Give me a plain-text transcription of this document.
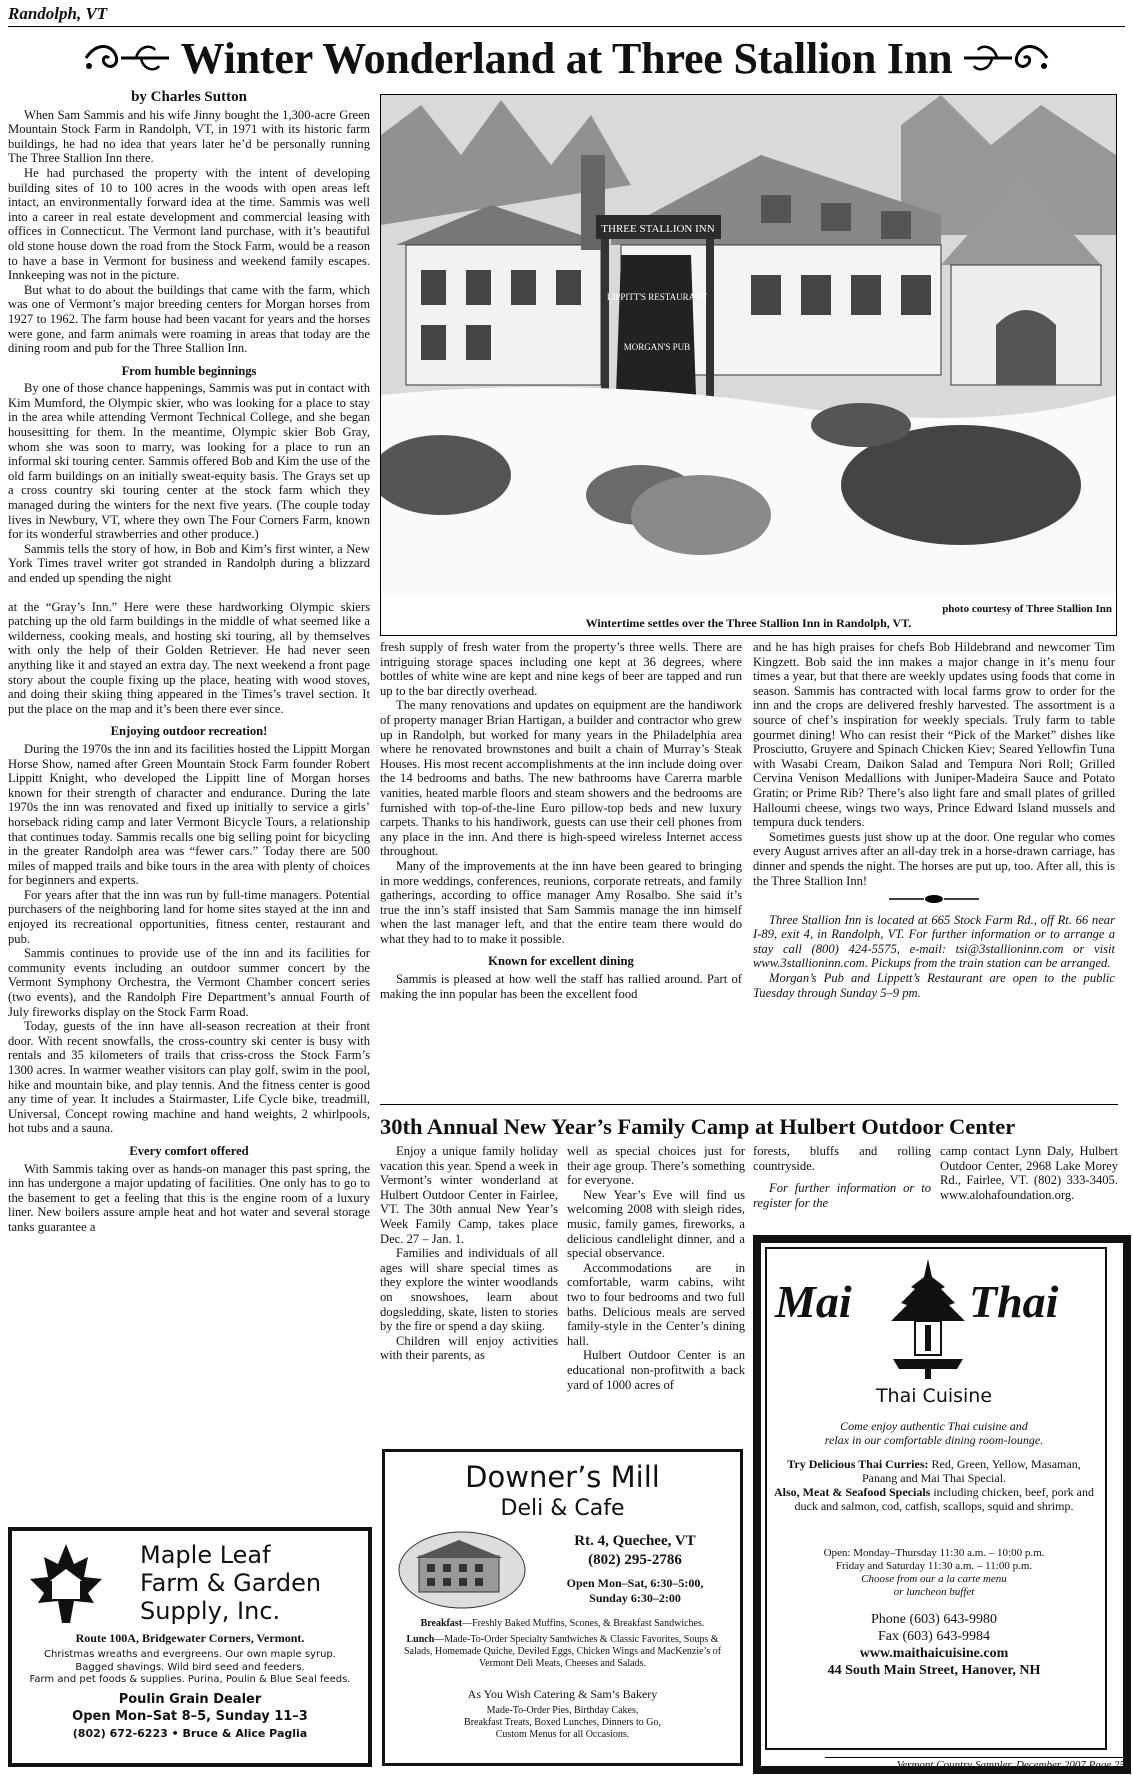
Randolph, VT
Winter Wonderland at Three Stallion Inn

by Charles Sutton

When Sam Sammis and his wife Jinny bought the 1,300-acre Green Mountain Stock Farm in Randolph, VT, in 1971 with its historic farm buildings, he had no idea that years later he’d be personally running The Three Stallion Inn there.

He had purchased the property with the intent of developing building sites of 10 to 100 acres in the woods with open areas left intact, an environmentally forward idea at the time. Sammis was well into a career in real estate development and commercial leasing with offices in Connecticut. The Vermont land purchase, with it’s beautiful old stone house down the road from the Stock Farm, would be a reason to have a base in Vermont for business and weekend family escapes. Innkeeping was not in the picture.

But what to do about the buildings that came with the farm, which was one of Vermont’s major breeding centers for Morgan horses from 1927 to 1962. The farm house had been vacant for years and the horses were gone, and farm animals were roaming in areas that today are the dining room and pub for the Three Stallion Inn.

From humble beginnings

By one of those chance happenings, Sammis was put in contact with Kim Mumford, the Olympic skier, who was looking for a place to stay in the area while attending Vermont Technical College, and she began housesitting for them. In the meantime, Olympic skier Bob Gray, whom she was soon to marry, was looking for a place to run an informal ski touring center. Sammis offered Bob and Kim the use of the old farm buildings on an initially sweat-equity basis. The Grays set up a cross country ski touring center at the stock farm which they managed during the winters for the next five years. (The couple today lives in Newbury, VT, where they own The Four Corners Farm, known for its wonderful strawberries and other produce.)

Sammis tells the story of how, in Bob and Kim’s first winter, a New York Times travel writer got stranded in Randolph during a blizzard and ended up spending the night

at the “Gray’s Inn.” Here were these hardworking Olympic skiers patching up the old farm buildings in the middle of what seemed like a wilderness, cooking meals, and hosting ski touring, all by themselves with only the help of their Golden Retriever. He had never seen anything like it and stayed an extra day. The next weekend a front page story about the couple fixing up the place, heating with wood stoves, and doing their skiing thing appeared in the Times’s travel section. It put the place on the map and it’s been there ever since.

Enjoying outdoor recreation!

During the 1970s the inn and its facilities hosted the Lippitt Morgan Horse Show, named after Green Mountain Stock Farm founder Robert Lippitt Knight, who developed the Lippitt line of Morgan horses known for their strength of character and endurance. During the late 1970s the inn was renovated and fixed up initially to service a girls’ horseback riding camp and later Vermont Bicycle Tours, a relationship that continues today. Sammis recalls one big selling point for bicycling in the greater Randolph area was “fewer cars.” Today there are 500 miles of mapped trails and bike tours in the area with plenty of choices for beginners and experts.

For years after that the inn was run by full-time managers. Potential purchasers of the neighboring land for home sites stayed at the inn and enjoyed its recreational opportunities, fitness center, restaurant and pub.

Sammis continues to provide use of the inn and its facilities for community events including an outdoor summer concert by the Vermont Symphony Orchestra, the Vermont Chamber concert series (two events), and the Randolph Fire Department’s annual Fourth of July fireworks display on the Stock Farm Road.

Today, guests of the inn have all-season recreation at their front door. With recent snowfalls, the cross-country ski center is busy with rentals and 35 kilometers of trails that criss-cross the Stock Farm’s 1300 acres. In warmer weather visitors can play golf, swim in the pool, hike and mountain bike, and play tennis. And the fitness center is good any time of year. It includes a Stairmaster, Life Cycle bike, treadmill, Universal, Concept rowing machine and hand weights, 2 whirlpools, hot tubs and a sauna.

Every comfort offered

With Sammis taking over as hands-on manager this past spring, the inn has undergone a major updating of facilities. One only has to go to the basement to get a feeling that this is the engine room of a luxury liner. New boilers assure ample heat and hot water and several storage tanks guarantee a

THREE STALLION INN
LIPPITT'S RESTAURANT
MORGAN'S PUB
photo courtesy of Three Stallion Inn
Wintertime settles over the Three Stallion Inn in Randolph, VT.

fresh supply of fresh water from the property’s three wells. There are intriguing storage spaces including one kept at 36 degrees, where bottles of white wine are kept and nine kegs of beer are tapped and run up to the bar directly overhead.

The many renovations and updates on equipment are the handiwork of property manager Brian Hartigan, a builder and contractor who grew up in Randolph, but worked for many years in the Philadelphia area where he renovated brownstones and built a chain of Murray’s Steak Houses. His most recent accomplishments at the inn include doing over the 14 bedrooms and baths. The new bathrooms have Carerra marble vanities, heated marble floors and steam showers and the bedrooms are furnished with top-of-the-line Euro pillow-top beds and new luxury carpets. Thanks to his handiwork, guests can use their cell phones from any place in the inn. And there is high-speed wireless Internet access throughout.

Many of the improvements at the inn have been geared to bringing in more weddings, conferences, reunions, corporate retreats, and family gatherings, according to office manager Amy Rosalbo. She said it’s true the inn’s staff insisted that Sam Sammis manage the inn himself when the last manager left, and that the entire team there would do what they had to to make it possible.

Known for excellent dining

Sammis is pleased at how well the staff has rallied around. Part of making the inn popular has been the excellent food

and he has high praises for chefs Bob Hildebrand and newcomer Tim Kingzett. Bob said the inn makes a major change in it’s menu four times a year, but that there are weekly updates using foods that come in season. Sammis has contracted with local farms grow to order for the inn and the crops are delivered freshly harvested. The assortment is a source of chef’s inspiration for weekly specials. Truly farm to table gourmet dining! Who can resist their “Pick of the Market” dishes like Prosciutto, Gruyere and Spinach Chicken Kiev; Seared Yellowfin Tuna with Wasabi Cream, Daikon Salad and Tempura Nori Roll; Grilled Cervina Venison Medallions with Juniper-Madeira Sauce and Potato Gratin; or Prime Rib? There’s also light fare and small plates of grilled Halloumi cheese, wings two ways, Prince Edward Island mussels and tempura duck tenders.

Sometimes guests just show up at the door. One regular who comes every August arrives after an all-day trek in a horse-drawn carriage, has dinner and spends the night. The horses are put up, too. After all, this is the Three Stallion Inn!

Three Stallion Inn is located at 665 Stock Farm Rd., off Rt. 66 near I-89, exit 4, in Randolph, VT. For further information or to arrange a stay call (800) 424-5575, e-mail: tsi@3stallioninn.com or visit www.3stallioninn.com. Pickups from the train station can be arranged.

Morgan’s Pub and Lippett’s Restaurant are open to the public Tuesday through Sunday 5–9 pm.

30th Annual New Year’s Family Camp at Hulbert Outdoor Center

Enjoy a unique family holiday vacation this year. Spend a week in Vermont’s winter wonderland at Hulbert Outdoor Center in Fairlee, VT. The 30th annual New Year’s Week Family Camp, takes place Dec. 27 – Jan. 1.

Families and individuals of all ages will share special times as they explore the winter woodlands on snowshoes, learn about dogsledding, skate, listen to stories by the fire or spend a day skiing.

Children will enjoy activities with their parents, as

well as special choices just for their age group. There’s something for everyone.

New Year’s Eve will find us welcoming 2008 with sleigh rides, music, family games, fireworks, a delicious candlelight dinner, and a special observance.

Accommodations are in comfortable, warm cabins, wiht two to four bedrooms and two full baths. Delicious meals are served family-style in the Center’s dining hall.

Hulbert Outdoor Center is an educational non-profitwith a back yard of 1000 acres of

forests, bluffs and rolling countryside.

For further information or to register for the

camp contact Lynn Daly, Hulbert Outdoor Center, 2968 Lake Morey Rd., Fairlee, VT. (802) 333-3405. www.alohafoundation.org.

Maple Leaf
Farm & Garden
Supply, Inc.
Route 100A, Bridgewater Corners, Vermont.
Christmas wreaths and evergreens. Our own maple syrup.
Bagged shavings. Wild bird seed and feeders.
Farm and pet foods & supplies. Purina, Poulin & Blue Seal feeds.
Poulin Grain Dealer
Open Mon–Sat 8–5, Sunday 11–3
(802) 672-6223 • Bruce & Alice Paglia
Downer’s Mill
Deli & Cafe
Rt. 4, Quechee, VT
(802) 295-2786
Open Mon–Sat, 6:30–5:00,
Sunday 6:30–2:00
Breakfast—Freshly Baked Muffins, Scones, & Breakfast Sandwiches.
Lunch—Made-To-Order Specialty Sandwiches & Classic Favorites, Soups & Salads, Homemade Quiche, Deviled Eggs, Chicken Wings and MacKenzie’s of Vermont Deli Meats, Cheeses and Salads.
As You Wish Catering & Sam’s Bakery
Made-To-Order Pies, Birthday Cakes,
Breakfast Treats, Boxed Lunches, Dinners to Go,
Custom Menus for all Occasions.
Mai	Thai
Thai Cuisine
Come enjoy authentic Thai cuisine and
relax in our comfortable dining room-lounge.
Try Delicious Thai Curries: Red, Green, Yellow, Masaman, Panang and Mai Thai Special.
Also, Meat & Seafood Specials including chicken, beef, pork and duck and salmon, cod, catfish, scallops, squid and shrimp.
Open: Monday–Thursday 11:30 a.m. – 10:00 p.m.
Friday and Saturday 11:30 a.m. – 11:00 p.m.
Choose from our a la carte menu
or luncheon buffet
Phone (603) 643-9980
Fax (603) 643-9984
www.maithaicuisine.com
44 South Main Street, Hanover, NH
Vermont Country Sampler, December 2007 Page 25
